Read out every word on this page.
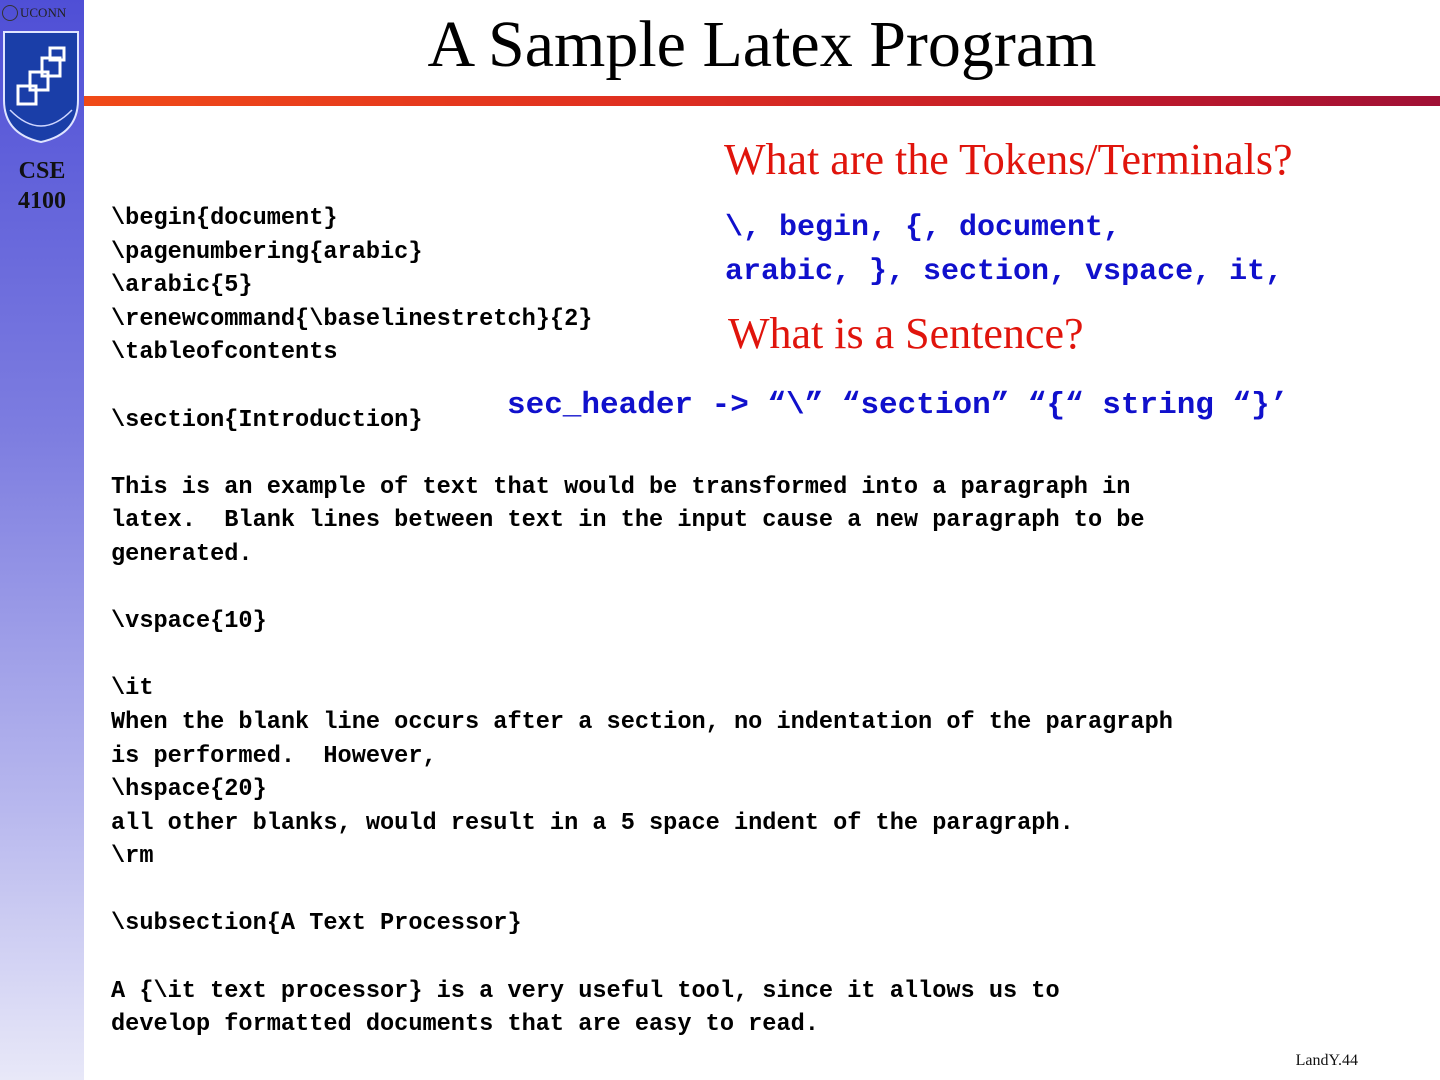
UCONN
CSE
4100
A Sample Latex Program
\begin{document}
\pagenumbering{arabic}
\arabic{5}
\renewcommand{\baselinestretch}{2}
\tableofcontents

\section{Introduction}

This is an example of text that would be transformed into a paragraph in
latex.  Blank lines between text in the input cause a new paragraph to be
generated.

\vspace{10}

\it
When the blank line occurs after a section, no indentation of the paragraph
is performed.  However,
\hspace{20}
all other blanks, would result in a 5 space indent of the paragraph.
\rm

\subsection{A Text Processor}

A {\it text processor} is a very useful tool, since it allows us to
develop formatted documents that are easy to read.
What are the Tokens/Terminals?
\, begin, {, document,
arabic, }, section, vspace, it,
What is a Sentence?
sec_header -> “\” “section” “{“ string “}’
LandY.44
